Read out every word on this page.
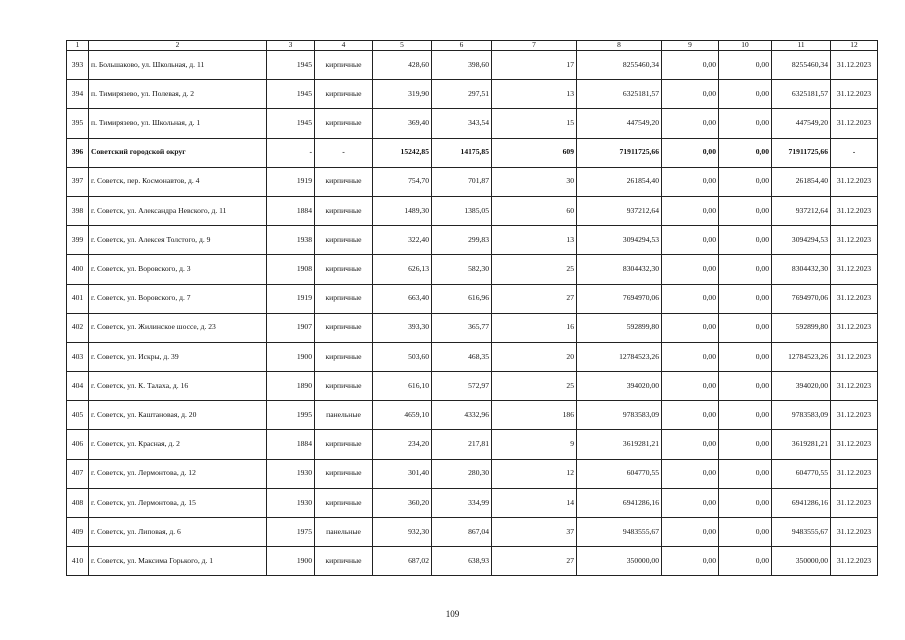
1	2	3	4	5	6	7	8	9	10	11	12
393	п. Большаково, ул. Школьная, д. 11	1945	кирпичные	428,60	398,60	17	8255460,34	0,00	0,00	8255460,34	31.12.2023
394	п. Тимирязево, ул. Полевая, д. 2	1945	кирпичные	319,90	297,51	13	6325181,57	0,00	0,00	6325181,57	31.12.2023
395	п. Тимирязево, ул. Школьная, д. 1	1945	кирпичные	369,40	343,54	15	447549,20	0,00	0,00	447549,20	31.12.2023
396	Советский городской округ	-	-	15242,85	14175,85	609	71911725,66	0,00	0,00	71911725,66	-
397	г. Советск, пер. Космонавтов, д. 4	1919	кирпичные	754,70	701,87	30	261854,40	0,00	0,00	261854,40	31.12.2023
398	г. Советск, ул. Александра Невского, д. 11	1884	кирпичные	1489,30	1385,05	60	937212,64	0,00	0,00	937212,64	31.12.2023
399	г. Советск, ул. Алексея Толстого, д. 9	1938	кирпичные	322,40	299,83	13	3094294,53	0,00	0,00	3094294,53	31.12.2023
400	г. Советск, ул. Воровского, д. 3	1908	кирпичные	626,13	582,30	25	8304432,30	0,00	0,00	8304432,30	31.12.2023
401	г. Советск, ул. Воровского, д. 7	1919	кирпичные	663,40	616,96	27	7694970,06	0,00	0,00	7694970,06	31.12.2023
402	г. Советск, ул. Жилинское шоссе, д. 23	1907	кирпичные	393,30	365,77	16	592899,80	0,00	0,00	592899,80	31.12.2023
403	г. Советск, ул. Искры, д. 39	1900	кирпичные	503,60	468,35	20	12784523,26	0,00	0,00	12784523,26	31.12.2023
404	г. Советск, ул. К. Талаха, д. 16	1890	кирпичные	616,10	572,97	25	394020,00	0,00	0,00	394020,00	31.12.2023
405	г. Советск, ул. Каштановая, д. 20	1995	панельные	4659,10	4332,96	186	9783583,09	0,00	0,00	9783583,09	31.12.2023
406	г. Советск, ул. Красная, д. 2	1884	кирпичные	234,20	217,81	9	3619281,21	0,00	0,00	3619281,21	31.12.2023
407	г. Советск, ул. Лермонтова, д. 12	1930	кирпичные	301,40	280,30	12	604770,55	0,00	0,00	604770,55	31.12.2023
408	г. Советск, ул. Лермонтова, д. 15	1930	кирпичные	360,20	334,99	14	6941286,16	0,00	0,00	6941286,16	31.12.2023
409	г. Советск, ул. Липовая, д. 6	1975	панельные	932,30	867,04	37	9483555,67	0,00	0,00	9483555,67	31.12.2023
410	г. Советск, ул. Максима Горького, д. 1	1900	кирпичные	687,02	638,93	27	350000,00	0,00	0,00	350000,00	31.12.2023
109
